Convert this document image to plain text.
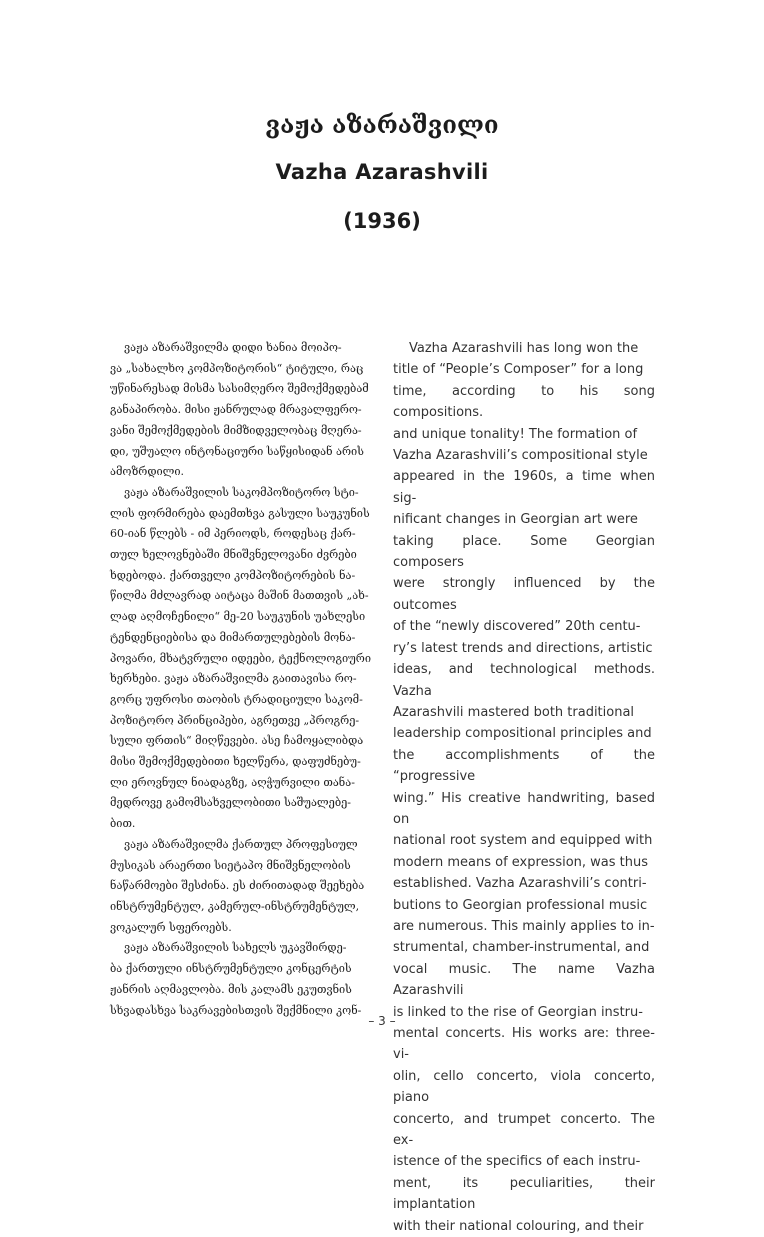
ვაჟა აზარაშვილი
Vazha Azarashvili
(1936)

ვაჟა აზარაშვილმა დიდი ხანია მოიპო-
ვა „სახალხო კომპოზიტორის“ ტიტული, რაც
უწინარესად მისმა სასიმღერო შემოქმედებამ
განაპირობა. მისი ჟანრულად მრავალფერო-
ვანი შემოქმედების მიმზიდველობაც მღერა-
დი, უშუალო ინტონაციური საწყისიდან არის
ამოზრდილი.

ვაჟა აზარაშვილის საკომპოზიტორო სტი-
ლის ფორმირება დაემთხვა გასული საუკუნის
60-იან წლებს - იმ პერიოდს, როდესაც ქარ-
თულ ხელოვნებაში მნიშვნელოვანი ძვრები
ხდებოდა. ქართველი კომპოზიტორების ნა-
წილმა მძლავრად აიტაცა მაშინ მათთვის „ახ-
ლად აღმოჩენილი“ მე-20 საუკუნის უახლესი
ტენდენციებისა და მიმართულებების მონა-
პოვარი, მხატვრული იდეები, ტექნოლოგიური
ხერხები. ვაჟა აზარაშვილმა გაითავისა რო-
გორც უფროსი თაობის ტრადიციული საკომ-
პოზიტორო პრინციპები, აგრეთვე „პროგრე-
სული ფრთის“ მიღწევები. ასე ჩამოყალიბდა
მისი შემოქმედებითი ხელწერა, დაფუძნებუ-
ლი ეროვნულ ნიადაგზე, აღჭურვილი თანა-
მედროვე გამომსახველობითი საშუალებე-
ბით.

ვაჟა აზარაშვილმა ქართულ პროფესიულ
მუსიკას არაერთი სიეტაპო მნიშვნელობის
ნაწარმოები შესძინა. ეს ძირითადად შეეხება
ინსტრუმენტულ, კამერულ-ინსტრუმენტულ,
ვოკალურ სფეროებს.

ვაჟა აზარაშვილის სახელს უკავშირდე-
ბა ქართული ინსტრუმენტული კონცერტის
ჟანრის აღმავლობა. მის კალამს ეკუთვნის
სხვადასხვა საკრავებისთვის შექმნილი კონ-

Vazha Azarashvili has long won the
title of “People’s Composer” for a long
time, according to his song compositions.
and unique tonality! The formation of
Vazha Azarashvili’s compositional style
appeared in the 1960s, a time when sig-
nificant changes in Georgian art were
taking place. Some Georgian composers
were strongly influenced by the outcomes
of the “newly discovered” 20th centu-
ry’s latest trends and directions, artistic
ideas, and technological methods. Vazha
Azarashvili mastered both traditional
leadership compositional principles and
the accomplishments of the “progressive
wing.” His creative handwriting, based on
national root system and equipped with
modern means of expression, was thus
established. Vazha Azarashvili’s contri-
butions to Georgian professional music
are numerous. This mainly applies to in-
strumental, chamber-instrumental, and
vocal music. The name Vazha Azarashvili
is linked to the rise of Georgian instru-
mental concerts. His works are: three-vi-
olin, cello concerto, viola concerto, piano
concerto, and trumpet concerto. The ex-
istence of the specifics of each instru-
ment, its peculiarities, their implantation
with their national colouring, and their

– 3 –
